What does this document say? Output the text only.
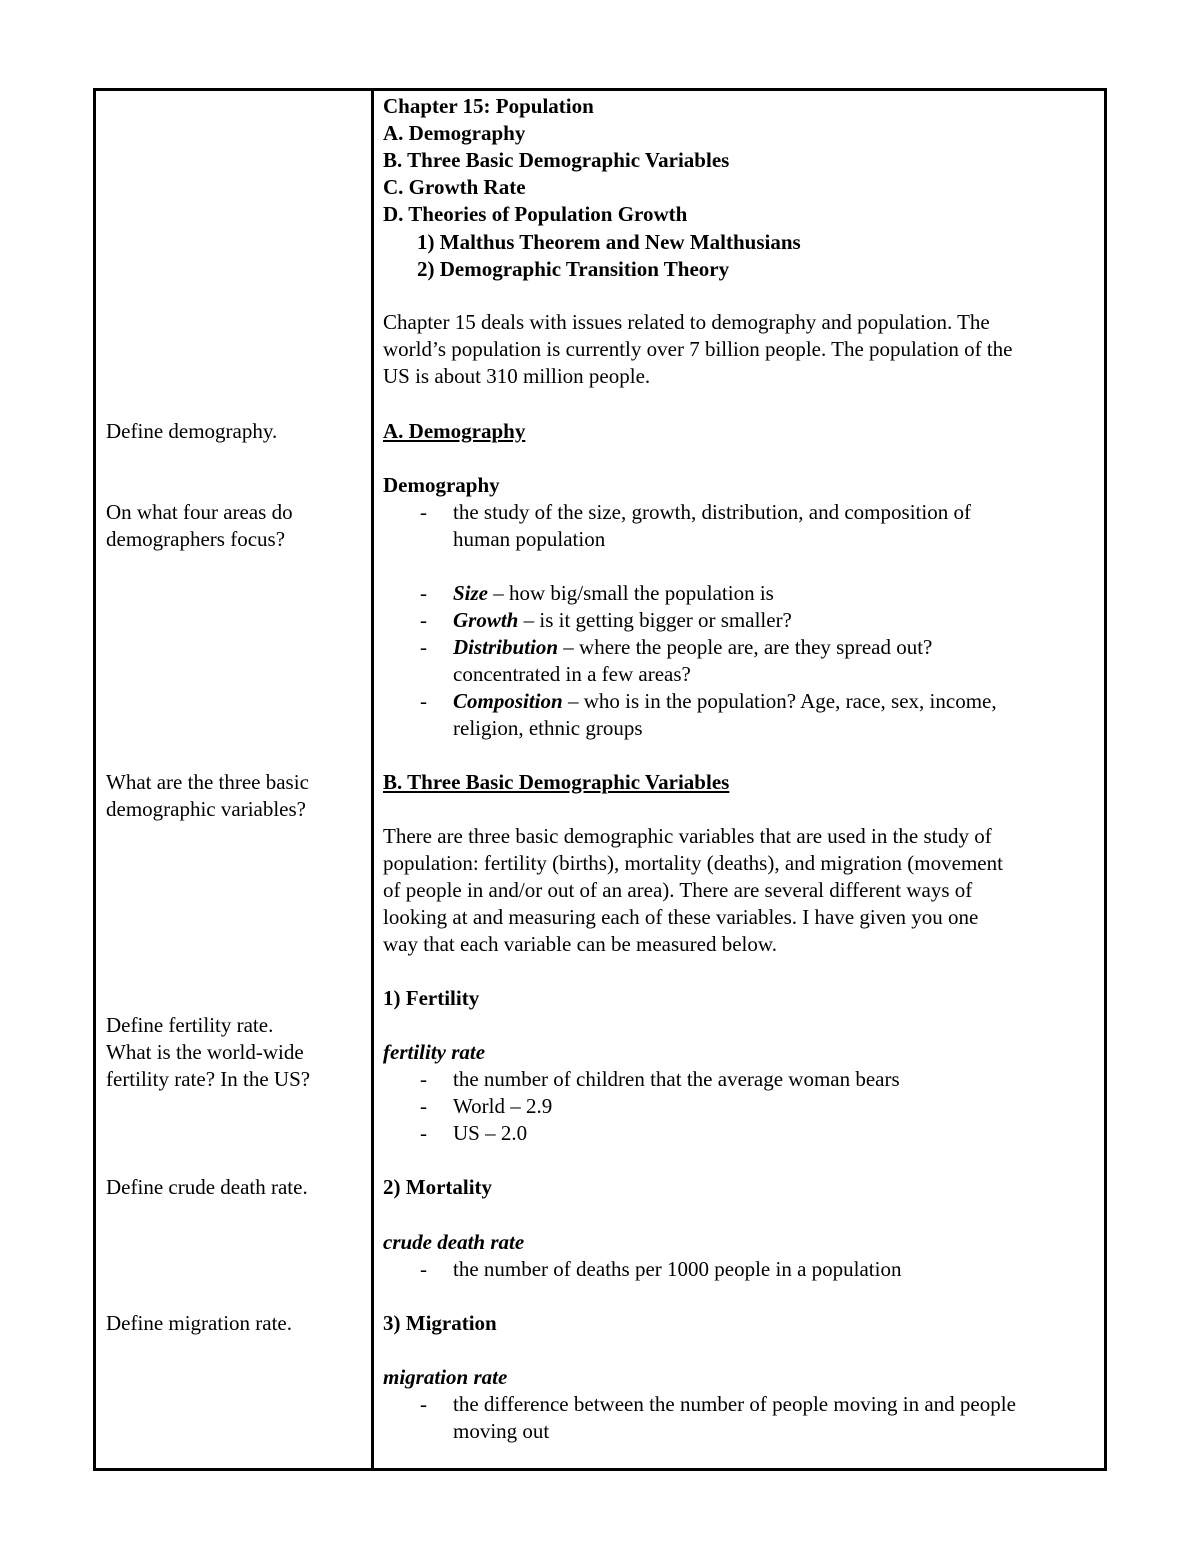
Define demography.
On what four areas do
demographers focus?
What are the three basic
demographic variables?
Define fertility rate.
What is the world-wide
fertility rate? In the US?
Define crude death rate.
Define migration rate.
Chapter 15: Population
A. Demography
B. Three Basic Demographic Variables
C. Growth Rate
D. Theories of Population Growth
1) Malthus Theorem and New Malthusians
2) Demographic Transition Theory
Chapter 15 deals with issues related to demography and population. The
world’s population is currently over 7 billion people. The population of the
US is about 310 million people.
A. Demography
Demography
- the study of the size, growth, distribution, and composition of
human population
- Size – how big/small the population is
- Growth – is it getting bigger or smaller?
- Distribution – where the people are, are they spread out?
concentrated in a few areas?
- Composition – who is in the population? Age, race, sex, income,
religion, ethnic groups
B. Three Basic Demographic Variables
There are three basic demographic variables that are used in the study of
population: fertility (births), mortality (deaths), and migration (movement
of people in and/or out of an area). There are several different ways of
looking at and measuring each of these variables. I have given you one
way that each variable can be measured below.
1) Fertility
fertility rate
- the number of children that the average woman bears
- World – 2.9
- US – 2.0
2) Mortality
crude death rate
- the number of deaths per 1000 people in a population
3) Migration
migration rate
- the difference between the number of people moving in and people
moving out
